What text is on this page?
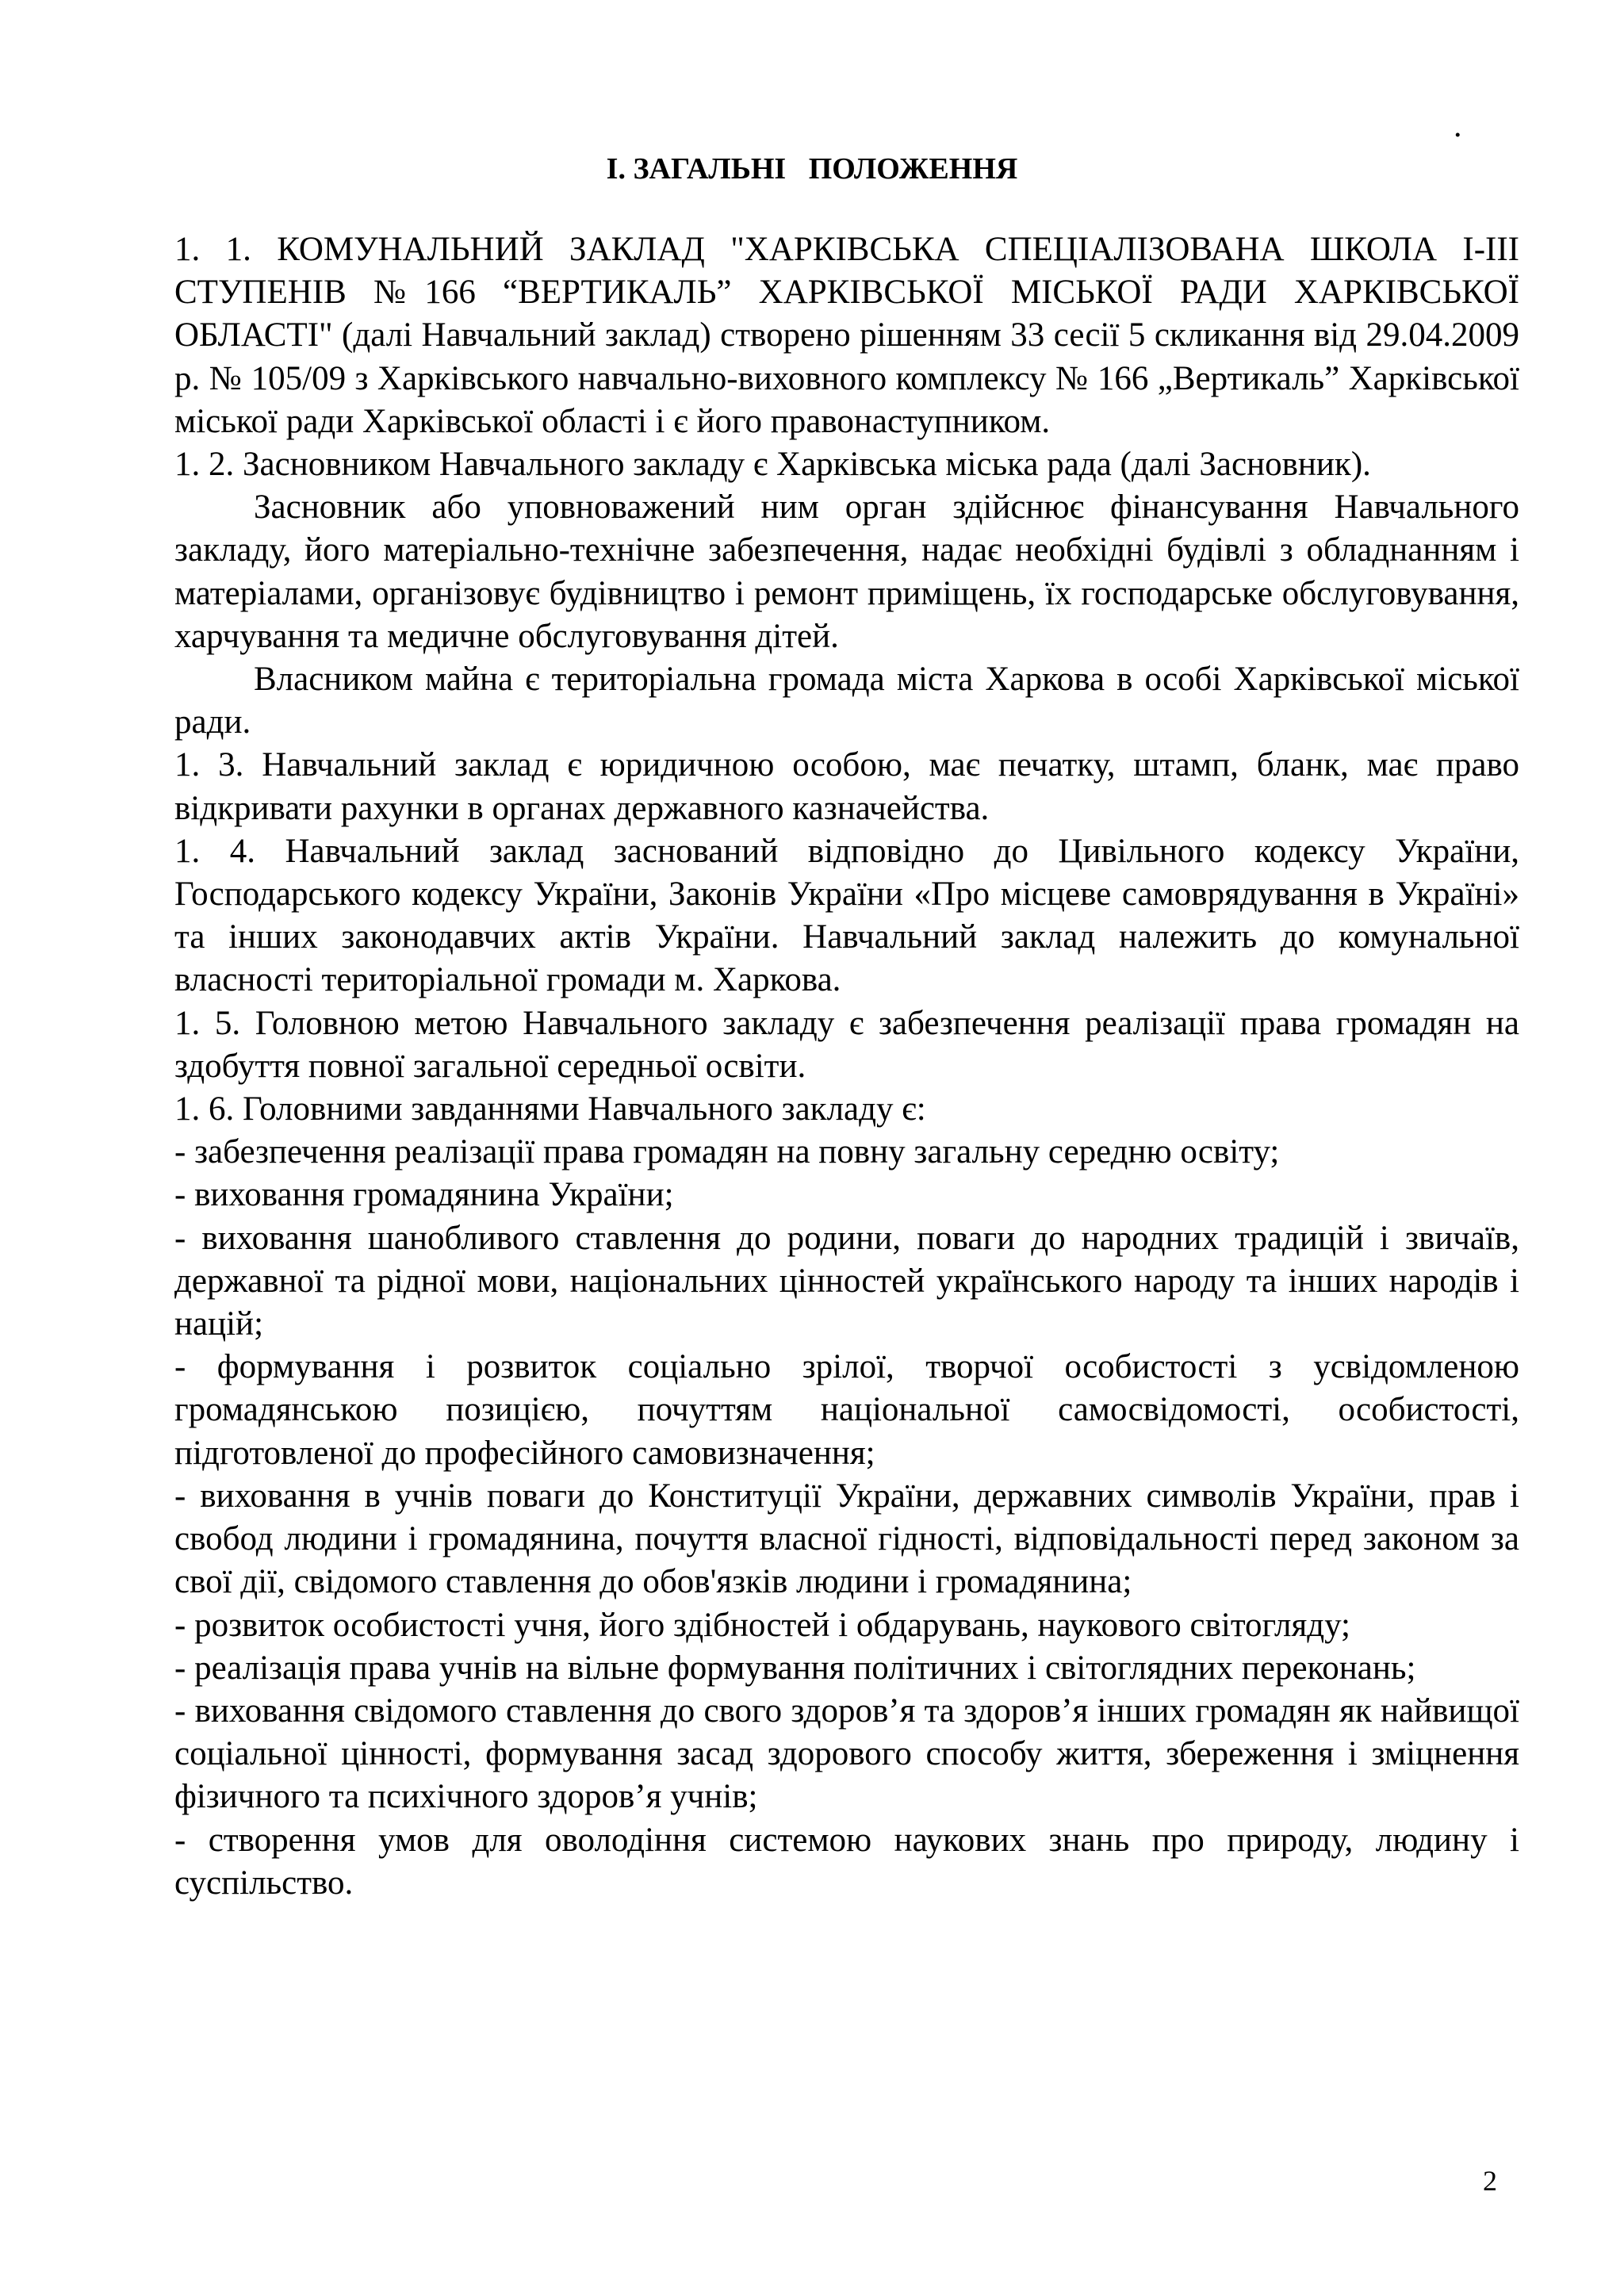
.
І. ЗАГАЛЬНІ   ПОЛОЖЕННЯ

1. 1. КОМУНАЛЬНИЙ ЗАКЛАД "ХАРКІВСЬКА СПЕЦІАЛІЗОВАНА ШКОЛА І-ІІІ СТУПЕНІВ №166 “ВЕРТИКАЛЬ” ХАРКІВСЬКОЇ МІСЬКОЇ РАДИ ХАРКІВСЬКОЇ ОБЛАСТІ" (далі Навчальний заклад) створено рішенням 33 сесії 5 скликання від 29.04.2009 р. № 105/09 з Харківського навчально-виховного комплексу № 166 „Вертикаль” Харківської міської ради Харківської області і є його правонаступником.

1. 2. Засновником Навчального закладу є Харківська міська рада (далі Засновник).

Засновник або уповноважений ним орган здійснює фінансування Навчального закладу, його матеріально-технічне забезпечення, надає необхідні будівлі з обладнанням і матеріалами, організовує будівництво і ремонт приміщень, їх господарське обслуговування, харчування та медичне обслуговування дітей.

Власником майна є територіальна громада міста Харкова в особі Харківської міської ради.

1. 3. Навчальний заклад є юридичною особою, має печатку, штамп, бланк, має право відкривати рахунки в органах державного казначейства.

1. 4. Навчальний заклад заснований відповідно до Цивільного кодексу України, Господарського кодексу України, Законів України «Про місцеве самоврядування в Україні» та інших законодавчих актів України. Навчальний заклад належить до комунальної власності територіальної громади м. Харкова.

1. 5. Головною метою Навчального закладу є забезпечення реалізації права громадян на здобуття повної загальної середньої освіти.

1. 6. Головними завданнями Навчального закладу є:

- забезпечення реалізації права громадян на повну загальну середню освіту;

- виховання громадянина України;

- виховання шанобливого ставлення до родини, поваги до народних традицій і звичаїв, державної та рідної мови, національних цінностей українського народу та інших народів і націй;

- формування і розвиток соціально зрілої, творчої особистості з усвідомленою громадянською позицією, почуттям національної самосвідомості, особистості, підготовленої до професійного самовизначення;

- виховання в учнів поваги до Конституції України, державних символів України, прав і свобод людини і громадянина, почуття власної гідності, відповідальності перед законом за свої дії, свідомого ставлення до обов'язків людини і громадянина;

- розвиток особистості учня, його здібностей і обдарувань, наукового світогляду;

- реалізація права учнів на вільне формування політичних і світоглядних переконань;

- виховання свідомого ставлення до свого здоров’я та здоров’я інших громадян як найвищої соціальної цінності, формування засад здорового способу життя, збереження і зміцнення фізичного та психічного здоров’я учнів;

- створення умов для оволодіння системою наукових знань про природу, людину і суспільство.

2
